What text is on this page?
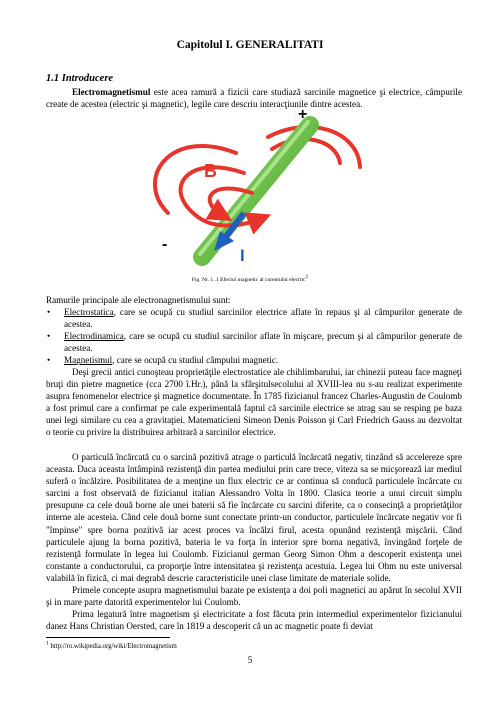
Capitolul I. GENERALITATI
1.1 Introducere
Electromagnetismul este acea ramură a fizicii care studiază sarcinile magnetice şi electrice, câmpurile create de acestea (electric şi magnetic), legile care descriu interacţiunile dintre acestea.
+
-
B
I
Fig. Nr. 1..1 Efectul magnetic al curentului electric$^1$
Ramurile principale ale electronagnetismului sunt:
• Electrostatica, care se ocupă cu studiul sarcinilor electrice aflate în repaus şi al câmpurilor generate de acestea.
• Electrodinamica, care se ocupă cu studiul sarcinilor aflate în mişcare, precum şi al câmpurilor generate de acestea.
• Magnetismul, care se ocupă cu studiul câmpului magnetic.
Deşi grecii antici cunoşteau proprietăţile electrostatice ale chihlimbarului, iar chinezii puteau face magneţi bruţi din pietre magnetice (cca 2700 î.Hr.), până la sfârşitulsecolului al XVIII-lea nu s-au realizat experimente asupra fenomenelor electrice şi magnetice documentate. În 1785 fizicianul francez Charles-Augustin de Coulomb a fost primul care a confirmat pe cale experimentală faptul că sarcinile electrice se atrag sau se resping pe baza unei legi similare cu cea a gravitaţiei. Matematicieni Simeon Denis Poisson şi Carl Friedrich Gauss au dezvoltat o teorie cu privire la distribuirea arbitrară a sarcinilor electrice.
O particulă încărcată cu o sarcină pozitivă atrage o particulă încărcată negativ, tinzând să accelereze spre aceasta. Daca aceasta întâmpină rezistenţă din partea mediului prin care trece, viteza sa se micşorează iar mediul suferă o încălzire. Posibilitatea de a menţine un flux electric ce ar continua să conducă particulele încărcate cu sarcini a fost observată de fizicianul italian Alessandro Volta în 1800. Clasica teorie a unui circuit simplu presupune ca cele două borne ale unei baterii să fie încărcate cu sarcini diferite, ca o consecinţă a proprietăţilor interne ale acesteia. Când cele două borne sunt conectate printr-un conductor, particulele încărcate negativ vor fi "împinse" spre borna pozitivă iar acest proces va încălzi firul, acesta opunând rezistenţă mişcării. Când particulele ajung la borna pozitivă, bateria le va forţa în interior spre borna negativă, învingând forţele de rezistenţă formulate în legea lui Coulomb. Fizicianul german Georg Simon Ohm a descoperit existenţa unei constante a conductorului, ca proporţie între intensitatea şi rezistenţa acestuia. Legea lui Ohm nu este universal valabilă în fizică, ci mai degrabă descrie caracteristicile unei clase limitate de materiale solide.
Primele concepte asupra magnetismului bazate pe existenţa a doi poli magnetici au apărut în secolul XVII şi in mare parte datorită experimentelor lui Coulomb.
Prima legatură între magnetism şi electricitate a fost făcuta prin intermediul experimentelor fizicianului danez Hans Christian Oersted, care în 1819 a descoperit că un ac magnetic poate fi deviat
$^1$ http://ro.wikipedia.org/wiki/Electromagnetism
5
